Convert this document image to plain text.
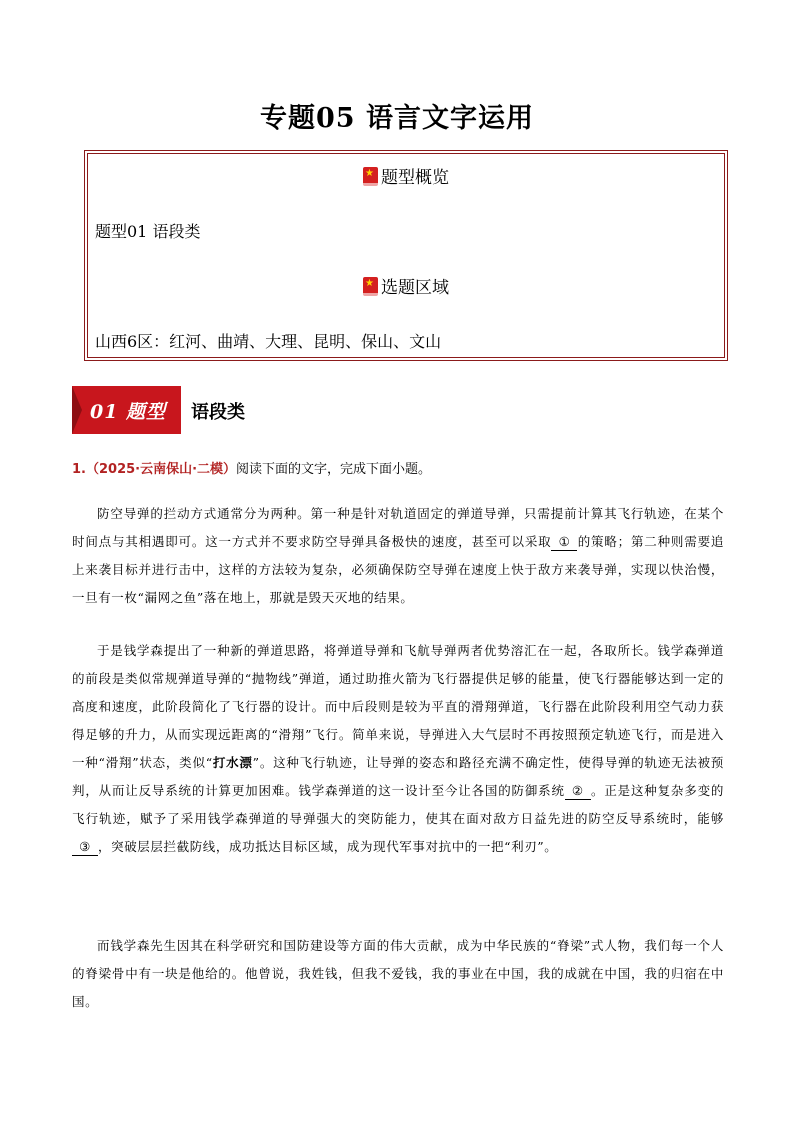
专题05 语言文字运用
★题型概览
题型01 语段类
★选题区域
山西6区：红河、曲靖、大理、昆明、保山、文山
01 题型 语段类
1.（2025·云南保山·二模）阅读下面的文字，完成下面小题。
防空导弹的拦动方式通常分为两种。第一种是针对轨道固定的弹道导弹，只需提前计算其飞行轨迹，在某个时间点与其相遇即可。这一方式并不要求防空导弹具备极快的速度，甚至可以采取 ① 的策略；第二种则需要追上来袭目标并进行击中，这样的方法较为复杂，必须确保防空导弹在速度上快于敌方来袭导弹，实现以快治慢，一旦有一枚“漏网之鱼”落在地上，那就是毁天灭地的结果。
于是钱学森提出了一种新的弹道思路，将弹道导弹和飞航导弹两者优势溶汇在一起，各取所长。钱学森弹道的前段是类似常规弹道导弹的“抛物线”弹道，通过助推火箭为飞行器提供足够的能量，使飞行器能够达到一定的高度和速度，此阶段简化了飞行器的设计。而中后段则是较为平直的滑翔弹道，飞行器在此阶段利用空气动力获得足够的升力，从而实现远距离的“滑翔”飞行。简单来说，导弹进入大气层时不再按照预定轨迹飞行，而是进入一种“滑翔”状态，类似“打水漂”。这种飞行轨迹，让导弹的姿态和路径充满不确定性，使得导弹的轨迹无法被预判，从而让反导系统的计算更加困难。钱学森弹道的这一设计至今让各国的防御系统 ② 。正是这种复杂多变的飞行轨迹，赋予了采用钱学森弹道的导弹强大的突防能力，使其在面对敌方日益先进的防空反导系统时，能够③ ，突破层层拦截防线，成功抵达目标区域，成为现代军事对抗中的一把“利刃”。
而钱学森先生因其在科学研究和国防建设等方面的伟大贡献，成为中华民族的“脊梁”式人物，我们每一个人的脊梁骨中有一块是他给的。他曾说，我姓钱，但我不爱钱，我的事业在中国，我的成就在中国，我的归宿在中国。
